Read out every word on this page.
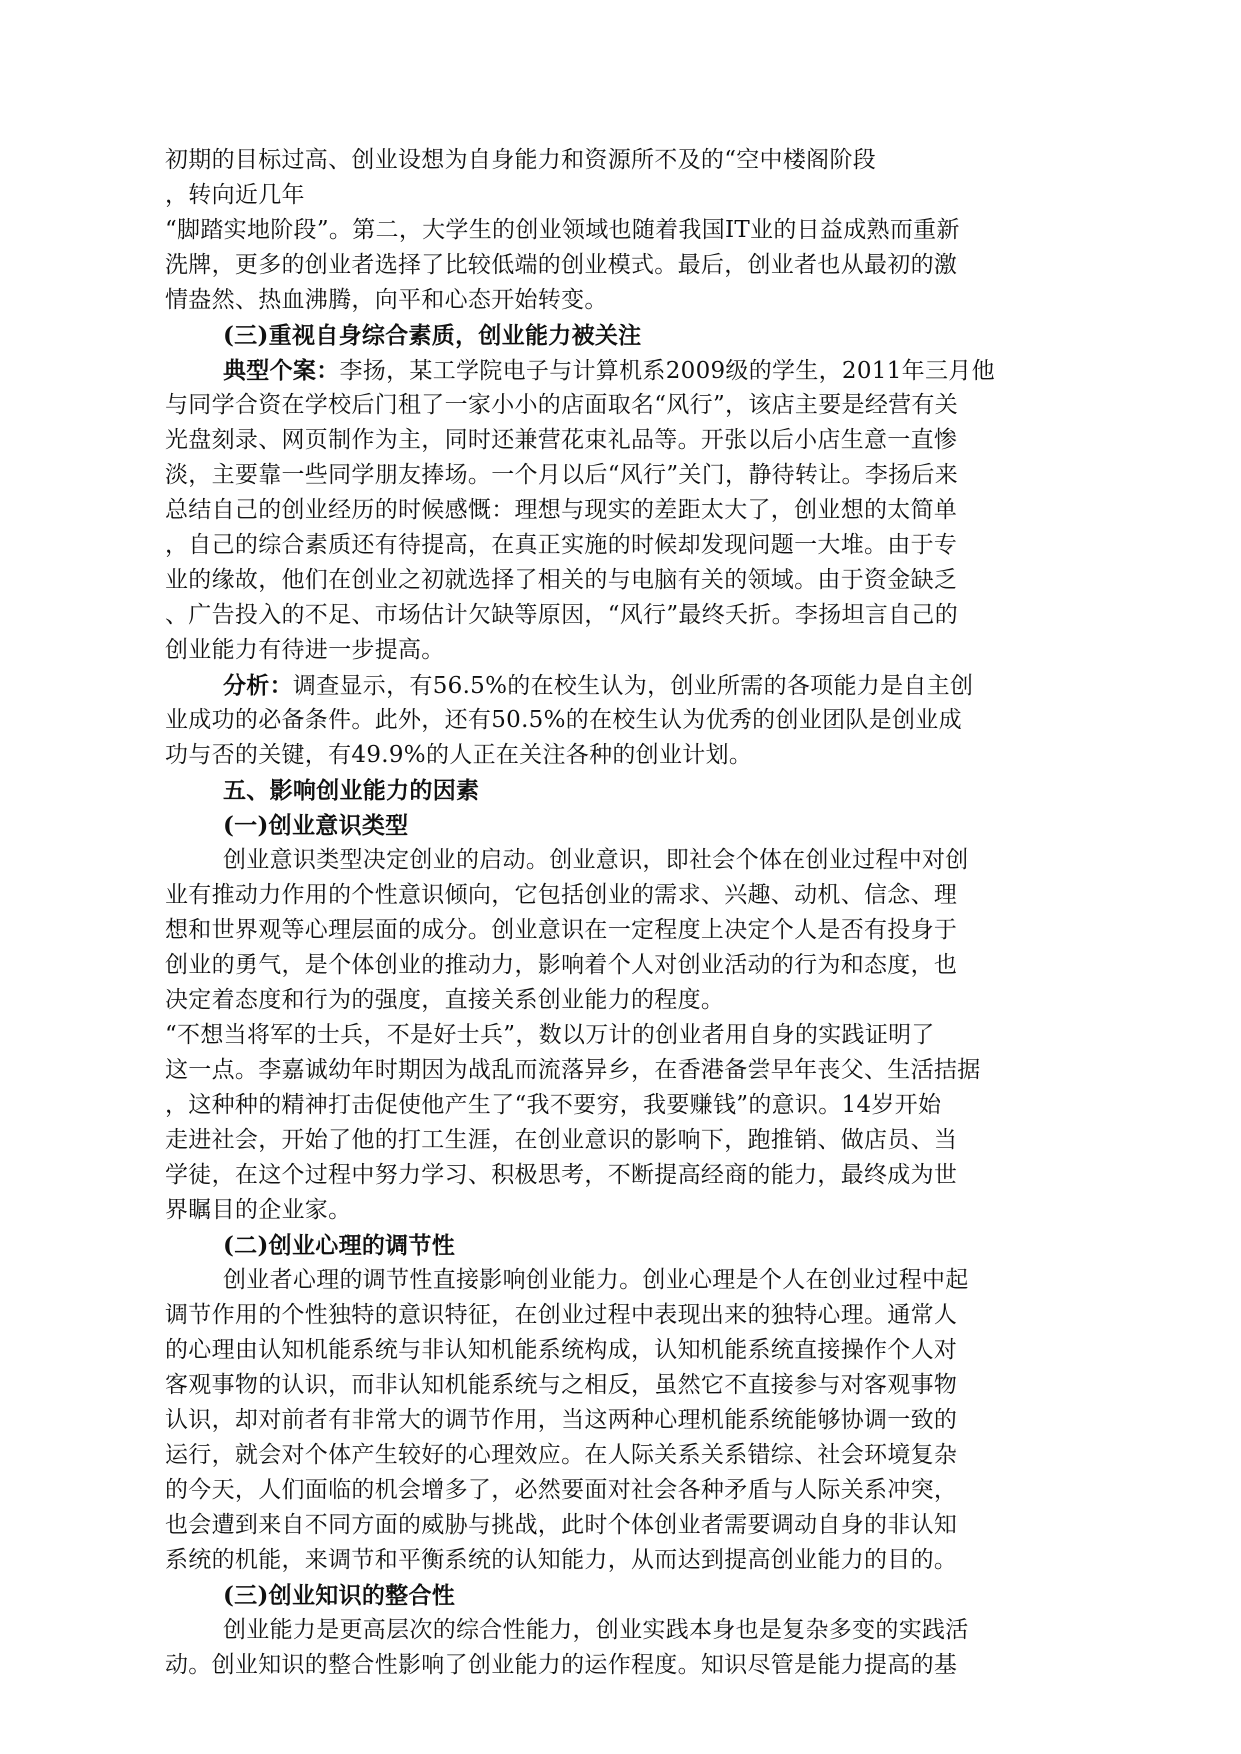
初期的目标过高、创业设想为自身能力和资源所不及的“空中楼阁阶段
，转向近几年
“脚踏实地阶段”。第二，大学生的创业领域也随着我国IT业的日益成熟而重新
洗牌，更多的创业者选择了比较低端的创业模式。最后，创业者也从最初的激
情盎然、热血沸腾，向平和心态开始转变。
(三)重视自身综合素质，创业能力被关注
典型个案：李扬，某工学院电子与计算机系2009级的学生，2011年三月他
与同学合资在学校后门租了一家小小的店面取名“风行”，该店主要是经营有关
光盘刻录、网页制作为主，同时还兼营花束礼品等。开张以后小店生意一直惨
淡，主要靠一些同学朋友捧场。一个月以后“风行”关门，静待转让。李扬后来
总结自己的创业经历的时候感慨：理想与现实的差距太大了，创业想的太简单
，自己的综合素质还有待提高，在真正实施的时候却发现问题一大堆。由于专
业的缘故，他们在创业之初就选择了相关的与电脑有关的领域。由于资金缺乏
、广告投入的不足、市场估计欠缺等原因，“风行”最终夭折。李扬坦言自己的
创业能力有待进一步提高。
分析：调查显示，有56.5%的在校生认为，创业所需的各项能力是自主创
业成功的必备条件。此外，还有50.5%的在校生认为优秀的创业团队是创业成
功与否的关键，有49.9%的人正在关注各种的创业计划。
五、影响创业能力的因素
(一)创业意识类型
创业意识类型决定创业的启动。创业意识，即社会个体在创业过程中对创
业有推动力作用的个性意识倾向，它包括创业的需求、兴趣、动机、信念、理
想和世界观等心理层面的成分。创业意识在一定程度上决定个人是否有投身于
创业的勇气，是个体创业的推动力，影响着个人对创业活动的行为和态度，也
决定着态度和行为的强度，直接关系创业能力的程度。
“不想当将军的士兵，不是好士兵”，数以万计的创业者用自身的实践证明了
这一点。李嘉诚幼年时期因为战乱而流落异乡，在香港备尝早年丧父、生活拮据
，这种种的精神打击促使他产生了“我不要穷，我要赚钱”的意识。14岁开始
走进社会，开始了他的打工生涯，在创业意识的影响下，跑推销、做店员、当
学徒，在这个过程中努力学习、积极思考，不断提高经商的能力，最终成为世
界瞩目的企业家。
(二)创业心理的调节性
创业者心理的调节性直接影响创业能力。创业心理是个人在创业过程中起
调节作用的个性独特的意识特征，在创业过程中表现出来的独特心理。通常人
的心理由认知机能系统与非认知机能系统构成，认知机能系统直接操作个人对
客观事物的认识，而非认知机能系统与之相反，虽然它不直接参与对客观事物
认识，却对前者有非常大的调节作用，当这两种心理机能系统能够协调一致的
运行，就会对个体产生较好的心理效应。在人际关系关系错综、社会环境复杂
的今天，人们面临的机会增多了，必然要面对社会各种矛盾与人际关系冲突，
也会遭到来自不同方面的威胁与挑战，此时个体创业者需要调动自身的非认知
系统的机能，来调节和平衡系统的认知能力，从而达到提高创业能力的目的。
(三)创业知识的整合性
创业能力是更高层次的综合性能力，创业实践本身也是复杂多变的实践活
动。创业知识的整合性影响了创业能力的运作程度。知识尽管是能力提高的基
